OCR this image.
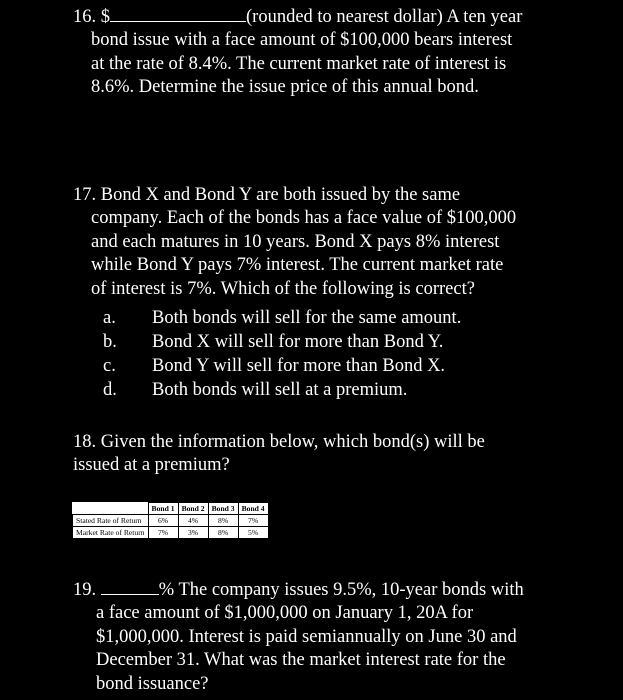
16. $	(rounded to nearest dollar) A ten year

bond issue with a face amount of $100,000 bears interest

at the rate of 8.4%. The current market rate of interest is

8.6%. Determine the issue price of this annual bond.

17. Bond X and Bond Y are both issued by the same

company. Each of the bonds has a face value of $100,000

and each matures in 10 years. Bond X pays 8% interest

while Bond Y pays 7% interest. The current market rate

of interest is 7%. Which of the following is correct?

a. Both bonds will sell for the same amount.
b. Bond X will sell for more than Bond Y.
c. Bond Y will sell for more than Bond X.
d. Both bonds will sell at a premium.

18. Given the information below, which bond(s) will be

issued at a premium?

	Bond 1	Bond 2	Bond 3	Bond 4
Stated Rate of Return	6%	4%	8%	7%
Market Rate of Return	7%	3%	8%	5%

19.	% The company issues 9.5%, 10-year bonds with

a face amount of $1,000,000 on January 1, 20A for

$1,000,000. Interest is paid semiannually on June 30 and

December 31. What was the market interest rate for the

bond issuance?
